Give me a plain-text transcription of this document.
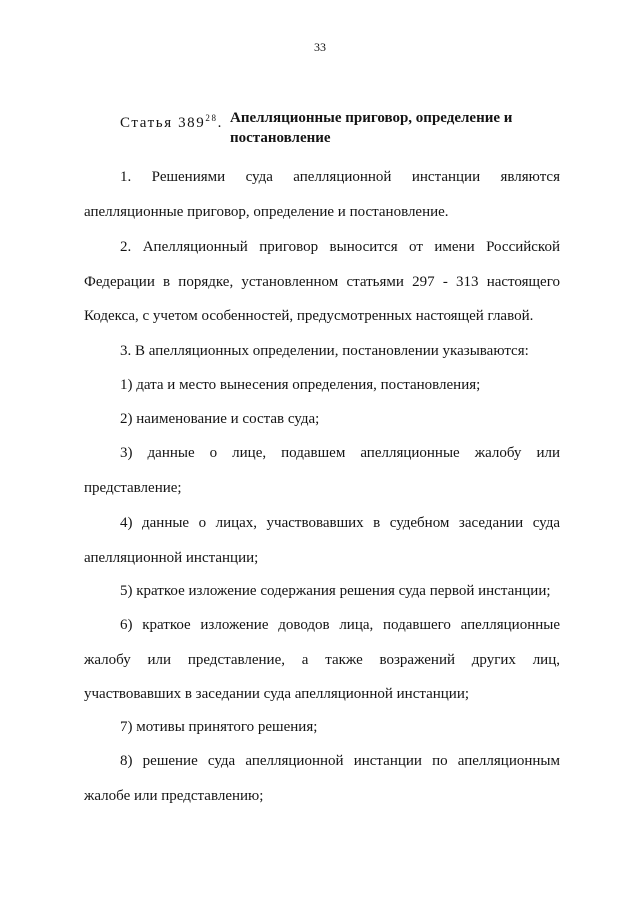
33
Статья $389^{28}$. Апелляционные приговор, определение и постановление

1. Решениями суда апелляционной инстанции являются апелляционные приговор, определение и постановление.

2. Апелляционный приговор выносится от имени Российской Федерации в порядке, установленном статьями 297 - 313 настоящего Кодекса, с учетом особенностей, предусмотренных настоящей главой.

3. В апелляционных определении, постановлении указываются:

1) дата и место вынесения определения, постановления;

2) наименование и состав суда;

3) данные о лице, подавшем апелляционные жалобу или представление;

4) данные о лицах, участвовавших в судебном заседании суда апелляционной инстанции;

5) краткое изложение содержания решения суда первой инстанции;

6) краткое изложение доводов лица, подавшего апелляционные жалобу или представление, а также возражений других лиц, участвовавших в заседании суда апелляционной инстанции;

7) мотивы принятого решения;

8) решение суда апелляционной инстанции по апелляционным жалобе или представлению;
